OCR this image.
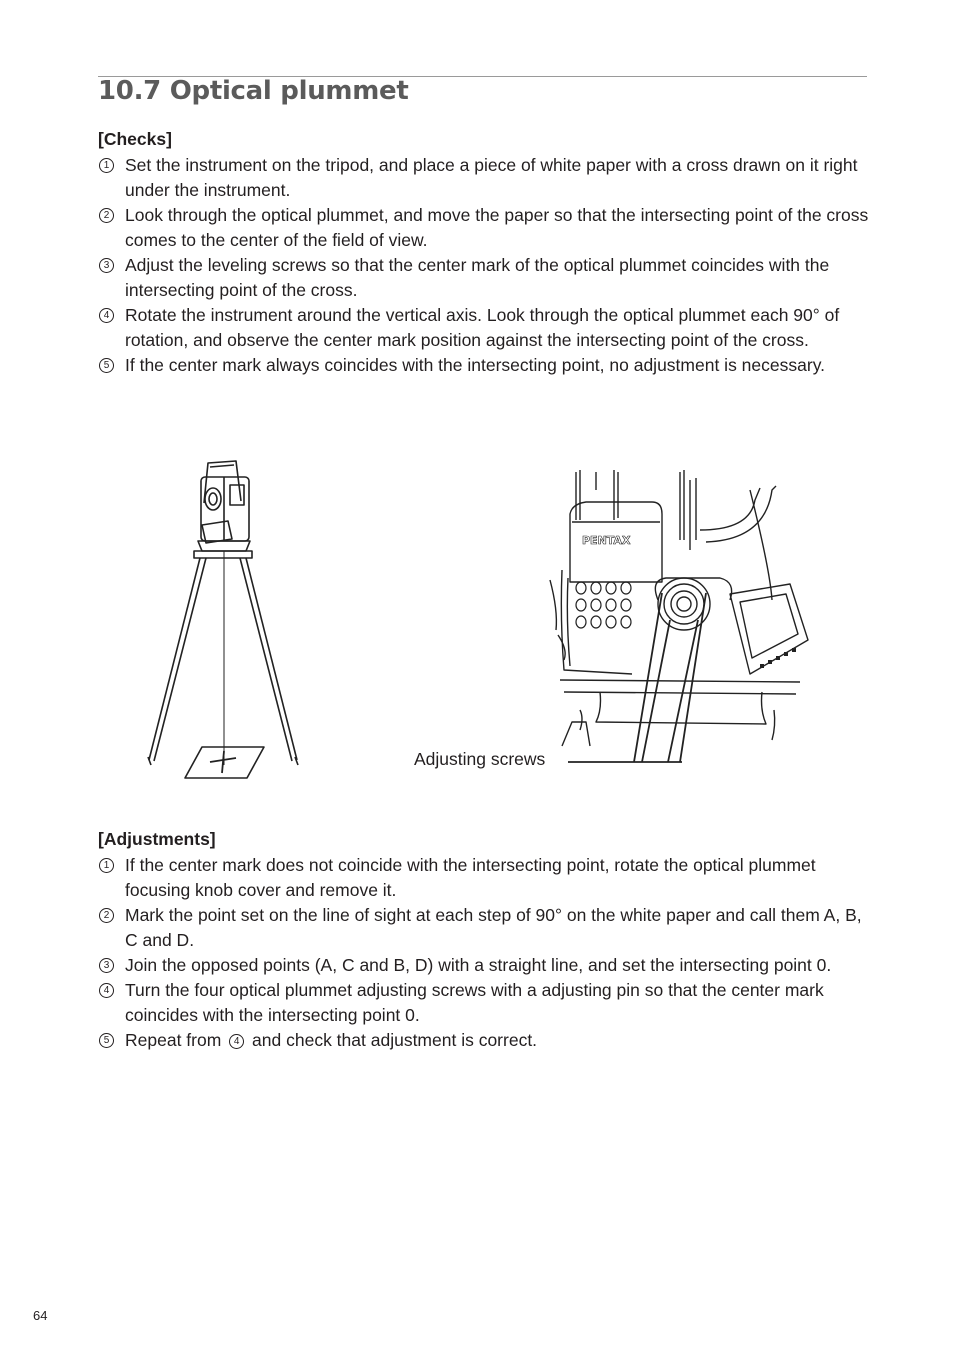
10.7 Optical plummet
[Checks]
1 Set the instrument on the tripod, and place a piece of white paper with a cross drawn on it right under the instrument.
2 Look through the optical plummet, and move the paper so that the intersecting point of the cross comes to the center of the field of view.
3 Adjust the leveling screws so that the center mark of the optical plummet coincides with the intersecting point of the cross.
4 Rotate the instrument around the vertical axis. Look through the optical plummet each 90° of rotation, and observe the center mark position against the intersecting point of the cross.
5 If the center mark always coincides with the intersecting point, no adjustment is necessary.
PENTAX
Adjusting screws
[Adjustments]
1 If the center mark does not coincide with the intersecting point, rotate the optical plummet focusing knob cover and remove it.
2 Mark the point set on the line of sight at each step of 90° on the white paper and call them A, B, C and D.
3 Join the opposed points (A, C and B, D) with a straight line, and set the intersecting point 0.
4 Turn the four optical plummet adjusting screws with a adjusting pin so that the center mark coincides with the intersecting point 0.
5 Repeat from 4 and check that adjustment is correct.
64
